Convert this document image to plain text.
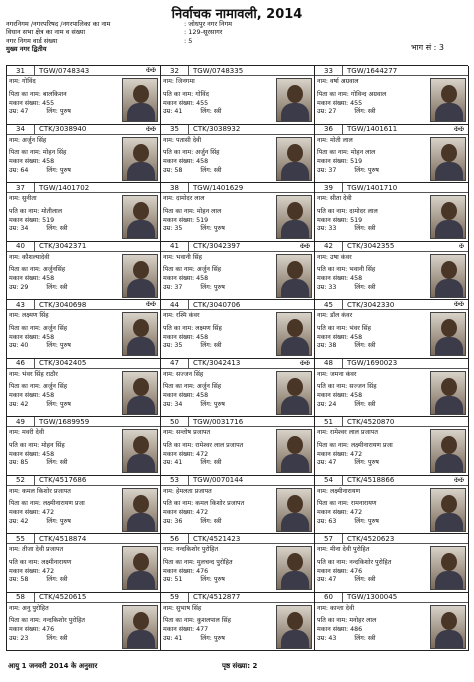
निर्वाचक नामावली, 2014
नगरनिगम /नगरपरिषद /नगरपालिका का नाम	: जोधपुर नगर निगम
विधान सभा क्षेत्र का नाम व संख्या	: 129-सूरसागर
नगर निगम वार्ड संख्या	: 5
मुख्य नगर द्वितीय	भाग सं : 3
31	TGW/0748343	✠✠
नाम: गोविंद
पिता का नाम: बालकिशन
मकान संख्या: 455
उम्र: 47	लिंग: पुरुष
32	TGW/0748335
नाम: जिनगमा
पति का नाम: गोविंद
मकान संख्या: 455
उम्र: 41	लिंग: स्त्री
33	TGW/1644277
नाम: वर्षा अग्रवाल
पिता का नाम: गोविन्द अग्रवाल
मकान संख्या: 455
उम्र: 27	लिंग: स्त्री
34	CTK/3038940	✠✠
नाम: अर्जुन सिंह
पिता का नाम: मोहन सिंह
मकान संख्या: 458
उम्र: 64	लिंग: पुरुष
35	CTK/3038932
नाम: पतासी देवी
पति का नाम: अर्जुन सिंह
मकान संख्या: 458
उम्र: 58	लिंग: स्त्री
36	TGW/1401611	✠✠
नाम: मोती लाल
पिता का नाम: मोहन लाल
मकान संख्या: 519
उम्र: 37	लिंग: पुरुष
37	TGW/1401702
नाम: सुनीता
पति का नाम: मोतीलाल
मकान संख्या: 519
उम्र: 34	लिंग: स्त्री
38	TGW/1401629
नाम: दामोदर लाल
पिता का नाम: मोहन लाल
मकान संख्या: 519
उम्र: 35	लिंग: पुरुष
39	TGW/1401710
नाम: सीता देवी
पति का नाम: दामोदर लाल
मकान संख्या: 519
उम्र: 33	लिंग: स्त्री
40	CTK/3042371
नाम: कौशल्यादेवी
पिता का नाम: अर्जुनसिंह
मकान संख्या: 458
उम्र: 29	लिंग: स्त्री
41	CTK/3042397	✠✠
नाम: भवानी सिंह
पिता का नाम: अर्जुन सिंह
मकान संख्या: 458
उम्र: 37	लिंग: पुरुष
42	CTK/3042355	✠
नाम: उषा कंवर
पति का नाम: भवानी सिंह
मकान संख्या: 458
उम्र: 33	लिंग: स्त्री
43	CTK/3040698	✠✠
नाम: लक्ष्मण सिंह
पिता का नाम: अर्जुन सिंह
मकान संख्या: 458
उम्र: 40	लिंग: पुरुष
44	CTK/3040706
नाम: रश्मि कंवर
पति का नाम: लक्ष्मण सिंह
मकान संख्या: 458
उम्र: 35	लिंग: स्त्री
45	CTK/3042330	✠✠
नाम: डॉल कंवर
पति का नाम: भंवर सिंह
मकान संख्या: 458
उम्र: 38	लिंग: स्त्री
46	CTK/3042405
नाम: भंवर सिंह राठौर
पिता का नाम: अर्जुन सिंह
मकान संख्या: 458
उम्र: 42	लिंग: पुरुष
47	CTK/3042413	✠✠
नाम: सज्जन सिंह
पिता का नाम: अर्जुन सिंह
मकान संख्या: 458
उम्र: 34	लिंग: पुरुष
48	TGW/1690023
नाम: जमना कंवर
पति का नाम: सज्जन सिंह
मकान संख्या: 458
उम्र: 24	लिंग: स्त्री
49	TGW/1689959
नाम: मवरी देवी
पति का नाम: मोहन सिंह
मकान संख्या: 458
उम्र: 85	लिंग: स्त्री
50	TGW/0031716
नाम: सन्तोष प्रजापत
पति का नाम: रामेश्वर लाल प्रजापत
मकान संख्या: 472
उम्र: 41	लिंग: स्त्री
51	CTK/4520870
नाम: रामेश्वर लाल प्रजापत
पिता का नाम: लक्ष्मीनारायण प्रजा
मकान संख्या: 472
उम्र: 47	लिंग: पुरुष
52	CTK/4517686
नाम: कमल किशोर प्रजापत
पिता का नाम: लक्ष्मीनारायण प्रजा
मकान संख्या: 472
उम्र: 42	लिंग: पुरुष
53	TGW/0070144
नाम: हेमलता प्रजापत
पति का नाम: कमल किशोर प्रजापत
मकान संख्या: 472
उम्र: 36	लिंग: स्त्री
54	CTK/4518866	✠✠
नाम: लक्ष्मीनारायण
पिता का नाम: रामनारायण
मकान संख्या: 472
उम्र: 63	लिंग: पुरुष
55	CTK/4518874
नाम: तीजा देवी प्रजापत
पति का नाम: लक्ष्मीनारायण
मकान संख्या: 472
उम्र: 58	लिंग: स्त्री
56	CTK/4521423
नाम: नन्दकिशोर पुरोहित
पिता का नाम: मुलचन्द पुरोहित
मकान संख्या: 476
उम्र: 51	लिंग: पुरुष
57	CTK/4520623
नाम: मीना देवी पुरोहित
पति का नाम: नन्दकिशोर पुरोहित
मकान संख्या: 476
उम्र: 47	लिंग: स्त्री
58	CTK/4520615
नाम: अनु पुरोहित
पिता का नाम: नन्दकिशोर पुरोहित
मकान संख्या: 476
उम्र: 23	लिंग: स्त्री
59	CTK/4512877
नाम: सुभाष सिंह
पिता का नाम: कुशलपाल सिंह
मकान संख्या: 477
उम्र: 41	लिंग: पुरुष
60	TGW/1300045
नाम: कान्ता देवी
पति का नाम: मनोहर लाल
मकान संख्या: 486
उम्र: 43	लिंग: स्त्री
आयु 1 जनवरी 2014 के अनुसार	पृष्ठ संख्या: 2
